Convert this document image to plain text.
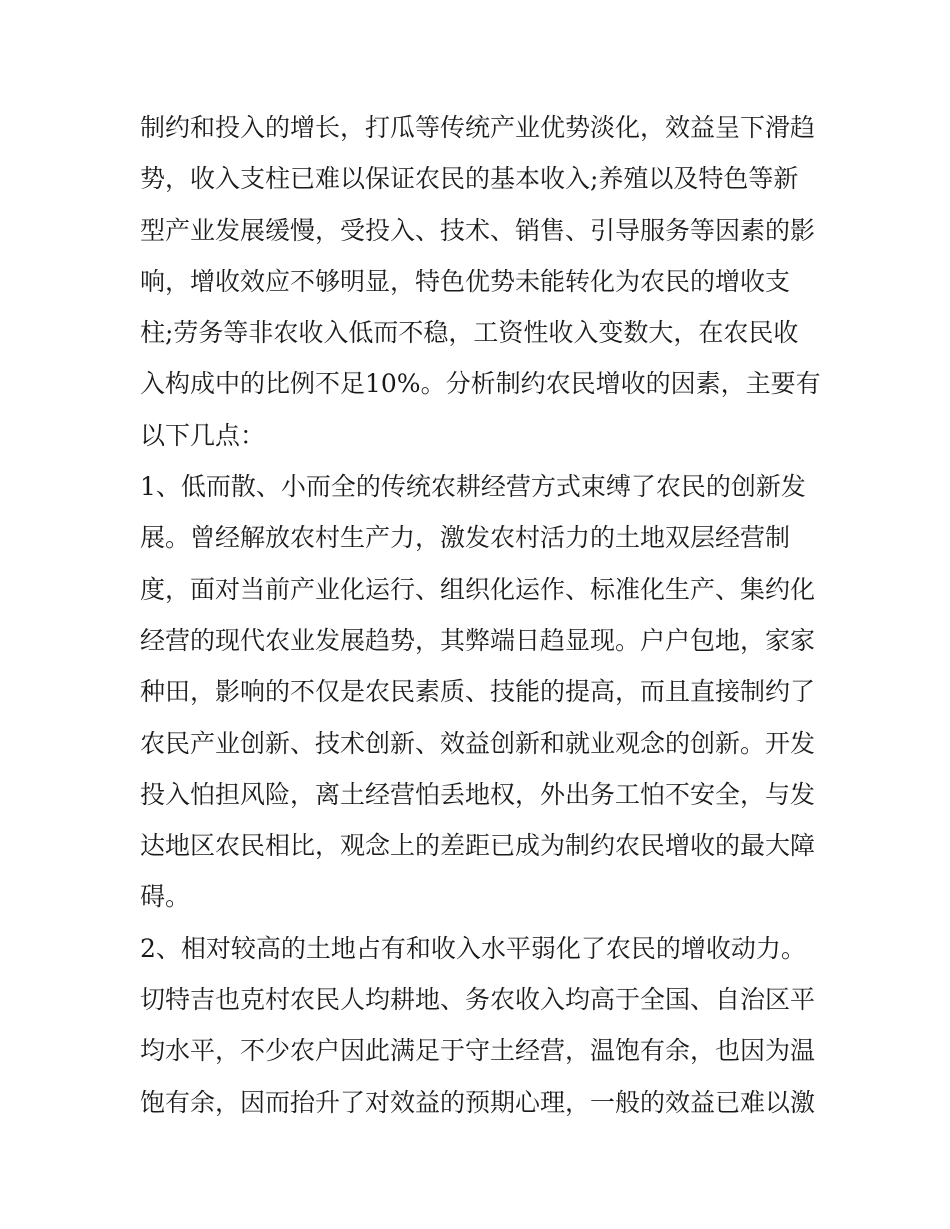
制约和投入的增长，打瓜等传统产业优势淡化，效益呈下滑趋
势，收入支柱已难以保证农民的基本收入;养殖以及特色等新
型产业发展缓慢，受投入、技术、销售、引导服务等因素的影
响，增收效应不够明显，特色优势未能转化为农民的增收支
柱;劳务等非农收入低而不稳，工资性收入变数大，在农民收
入构成中的比例不足10%。分析制约农民增收的因素，主要有
以下几点：
1、低而散、小而全的传统农耕经营方式束缚了农民的创新发
展。曾经解放农村生产力，激发农村活力的土地双层经营制
度，面对当前产业化运行、组织化运作、标准化生产、集约化
经营的现代农业发展趋势，其弊端日趋显现。户户包地，家家
种田，影响的不仅是农民素质、技能的提高，而且直接制约了
农民产业创新、技术创新、效益创新和就业观念的创新。开发
投入怕担风险，离土经营怕丢地权，外出务工怕不安全，与发
达地区农民相比，观念上的差距已成为制约农民增收的最大障
碍。
2、相对较高的土地占有和收入水平弱化了农民的增收动力。
切特吉也克村农民人均耕地、务农收入均高于全国、自治区平
均水平，不少农户因此满足于守土经营，温饱有余，也因为温
饱有余，因而抬升了对效益的预期心理，一般的效益已难以激
